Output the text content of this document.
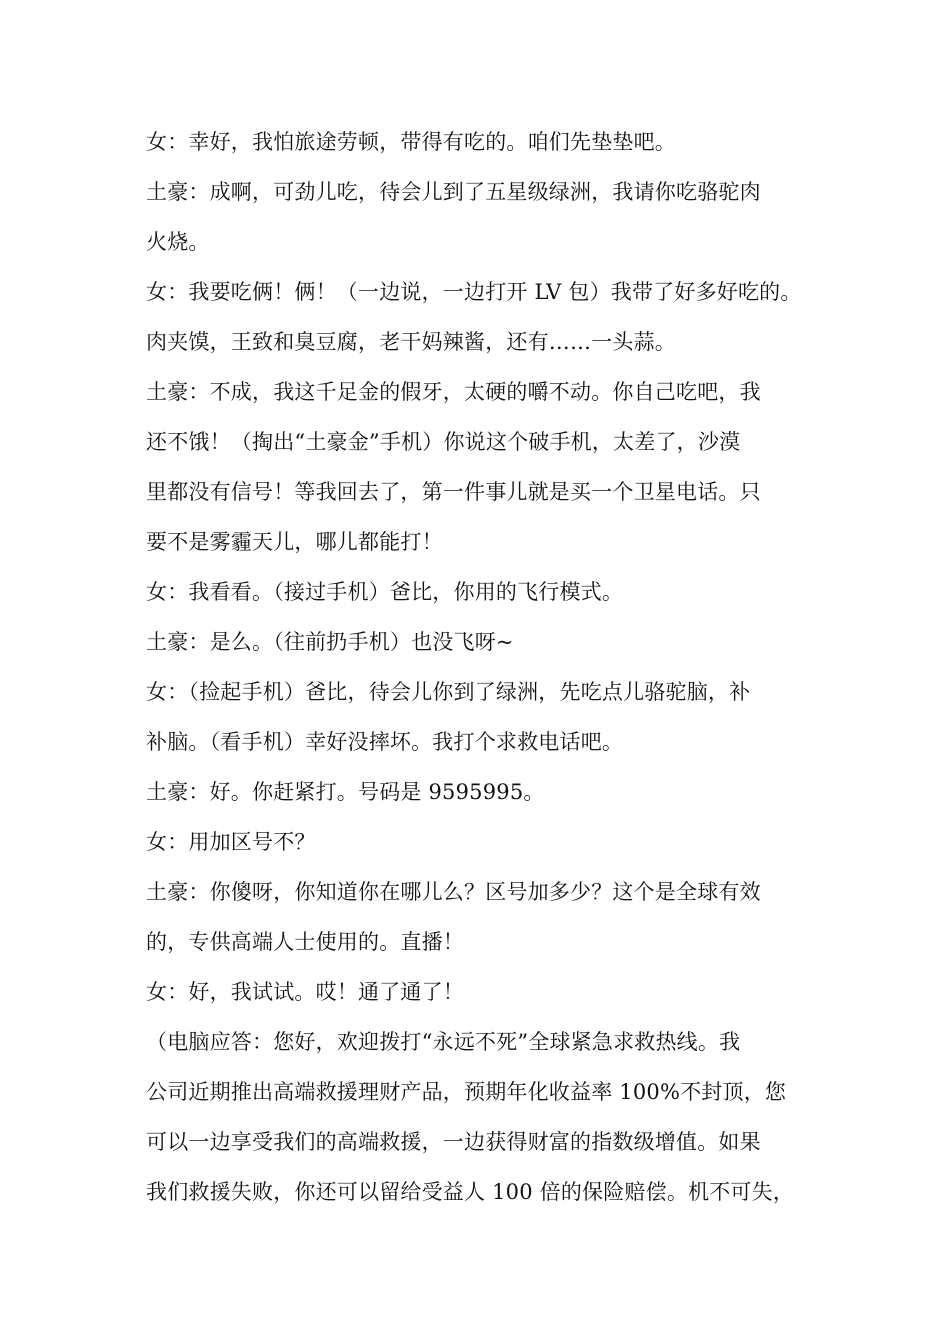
女：幸好，我怕旅途劳顿，带得有吃的。咱们先垫垫吧。
土豪：成啊，可劲儿吃，待会儿到了五星级绿洲，我请你吃骆驼肉
火烧。
女：我要吃俩！俩！（一边说，一边打开 LV 包）我带了好多好吃的。
肉夹馍，王致和臭豆腐，老干妈辣酱，还有……一头蒜。
土豪：不成，我这千足金的假牙，太硬的嚼不动。你自己吃吧，我
还不饿！（掏出“土豪金”手机）你说这个破手机，太差了，沙漠
里都没有信号！等我回去了，第一件事儿就是买一个卫星电话。只
要不是雾霾天儿，哪儿都能打！
女：我看看。（接过手机）爸比，你用的飞行模式。
土豪：是么。（往前扔手机）也没飞呀~
女：（捡起手机）爸比，待会儿你到了绿洲，先吃点儿骆驼脑，补
补脑。（看手机）幸好没摔坏。我打个求救电话吧。
土豪：好。你赶紧打。号码是 9595995。
女：用加区号不？
土豪：你傻呀，你知道你在哪儿么？区号加多少？这个是全球有效
的，专供高端人士使用的。直播！
女：好，我试试。哎！通了通了！
（电脑应答：您好，欢迎拨打“永远不死”全球紧急求救热线。我
公司近期推出高端救援理财产品，预期年化收益率 100%不封顶，您
可以一边享受我们的高端救援，一边获得财富的指数级增值。如果
我们救援失败，你还可以留给受益人 100 倍的保险赔偿。机不可失，
